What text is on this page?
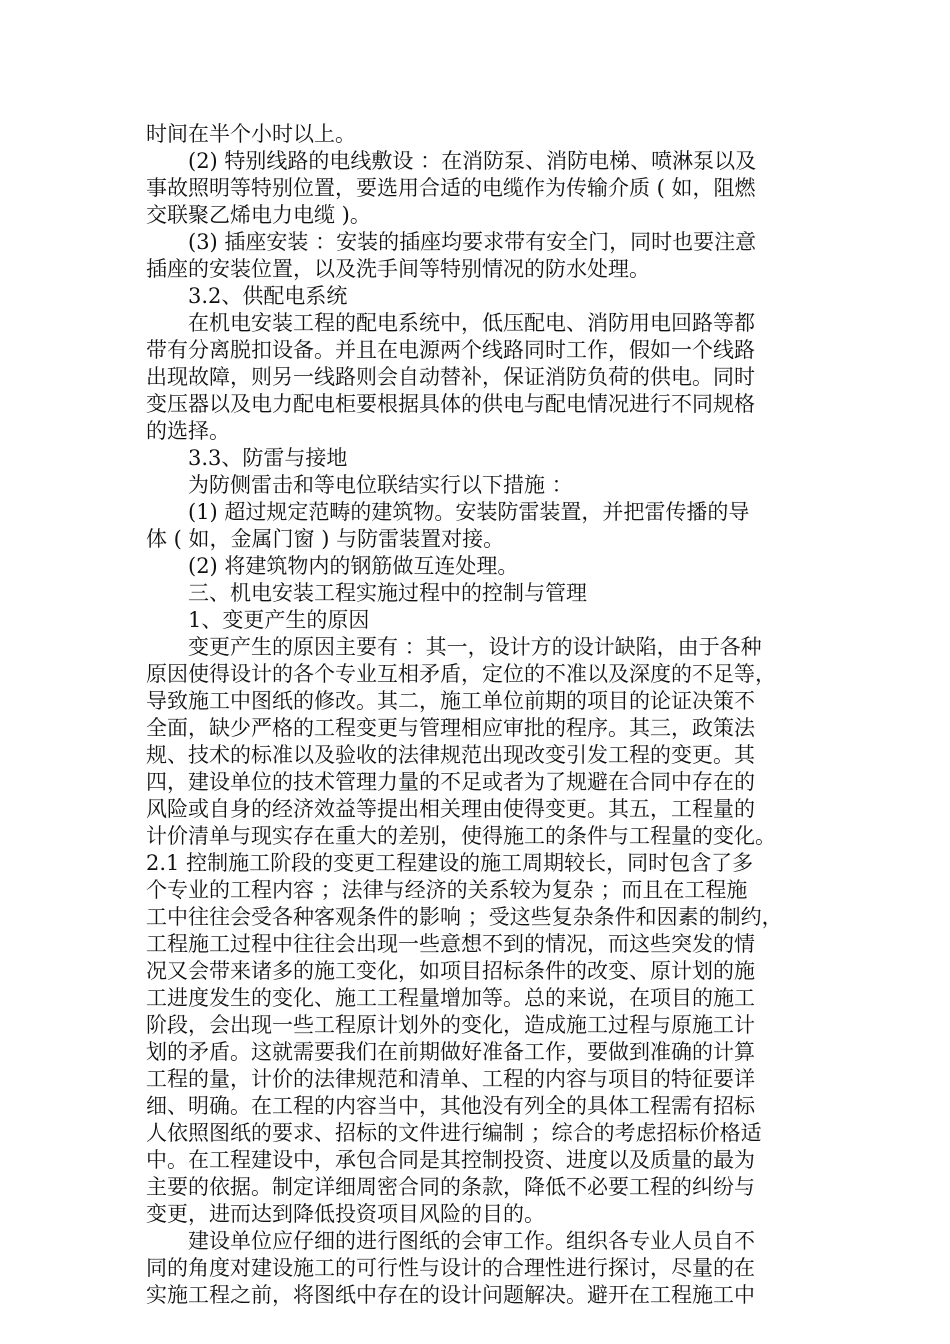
时间在半个小时以上。
(2) 特别线路的电线敷设 ：在消防泵、消防电梯、喷淋泵以及
事故照明等特别位置，要选用合适的电缆作为传输介质 ( 如，阻燃
交联聚乙烯电力电缆 )。
(3) 插座安装 ：安装的插座均要求带有安全门，同时也要注意
插座的安装位置，以及洗手间等特别情况的防水处理。
3.2、供配电系统
在机电安装工程的配电系统中，低压配电、消防用电回路等都
带有分离脱扣设备。并且在电源两个线路同时工作，假如一个线路
出现故障，则另一线路则会自动替补，保证消防负荷的供电。同时
变压器以及电力配电柜要根据具体的供电与配电情况进行不同规格
的选择。
3.3、防雷与接地
为防侧雷击和等电位联结实行以下措施 ：
(1) 超过规定范畴的建筑物。安装防雷装置，并把雷传播的导
体 ( 如，金属门窗 ) 与防雷装置对接。
(2) 将建筑物内的钢筋做互连处理。
三、机电安装工程实施过程中的控制与管理
1、变更产生的原因
变更产生的原因主要有 ：其一，设计方的设计缺陷，由于各种
原因使得设计的各个专业互相矛盾，定位的不准以及深度的不足等，
导致施工中图纸的修改。其二，施工单位前期的项目的论证决策不
全面，缺少严格的工程变更与管理相应审批的程序。其三，政策法
规、技术的标准以及验收的法律规范出现改变引发工程的变更。其
四，建设单位的技术管理力量的不足或者为了规避在合同中存在的
风险或自身的经济效益等提出相关理由使得变更。其五，工程量的
计价清单与现实存在重大的差别，使得施工的条件与工程量的变化。
2.1 控制施工阶段的变更工程建设的施工周期较长，同时包含了多
个专业的工程内容 ；法律与经济的关系较为复杂 ；而且在工程施
工中往往会受各种客观条件的影响 ；受这些复杂条件和因素的制约，
工程施工过程中往往会出现一些意想不到的情况，而这些突发的情
况又会带来诸多的施工变化，如项目招标条件的改变、原计划的施
工进度发生的变化、施工工程量增加等。总的来说，在项目的施工
阶段，会出现一些工程原计划外的变化，造成施工过程与原施工计
划的矛盾。这就需要我们在前期做好准备工作，要做到准确的计算
工程的量，计价的法律规范和清单、工程的内容与项目的特征要详
细、明确。在工程的内容当中，其他没有列全的具体工程需有招标
人依照图纸的要求、招标的文件进行编制 ；综合的考虑招标价格适
中。在工程建设中，承包合同是其控制投资、进度以及质量的最为
主要的依据。制定详细周密合同的条款，降低不必要工程的纠纷与
变更，进而达到降低投资项目风险的目的。
建设单位应仔细的进行图纸的会审工作。组织各专业人员自不
同的角度对建设施工的可行性与设计的合理性进行探讨，尽量的在
实施工程之前，将图纸中存在的设计问题解决。避开在工程施工中
